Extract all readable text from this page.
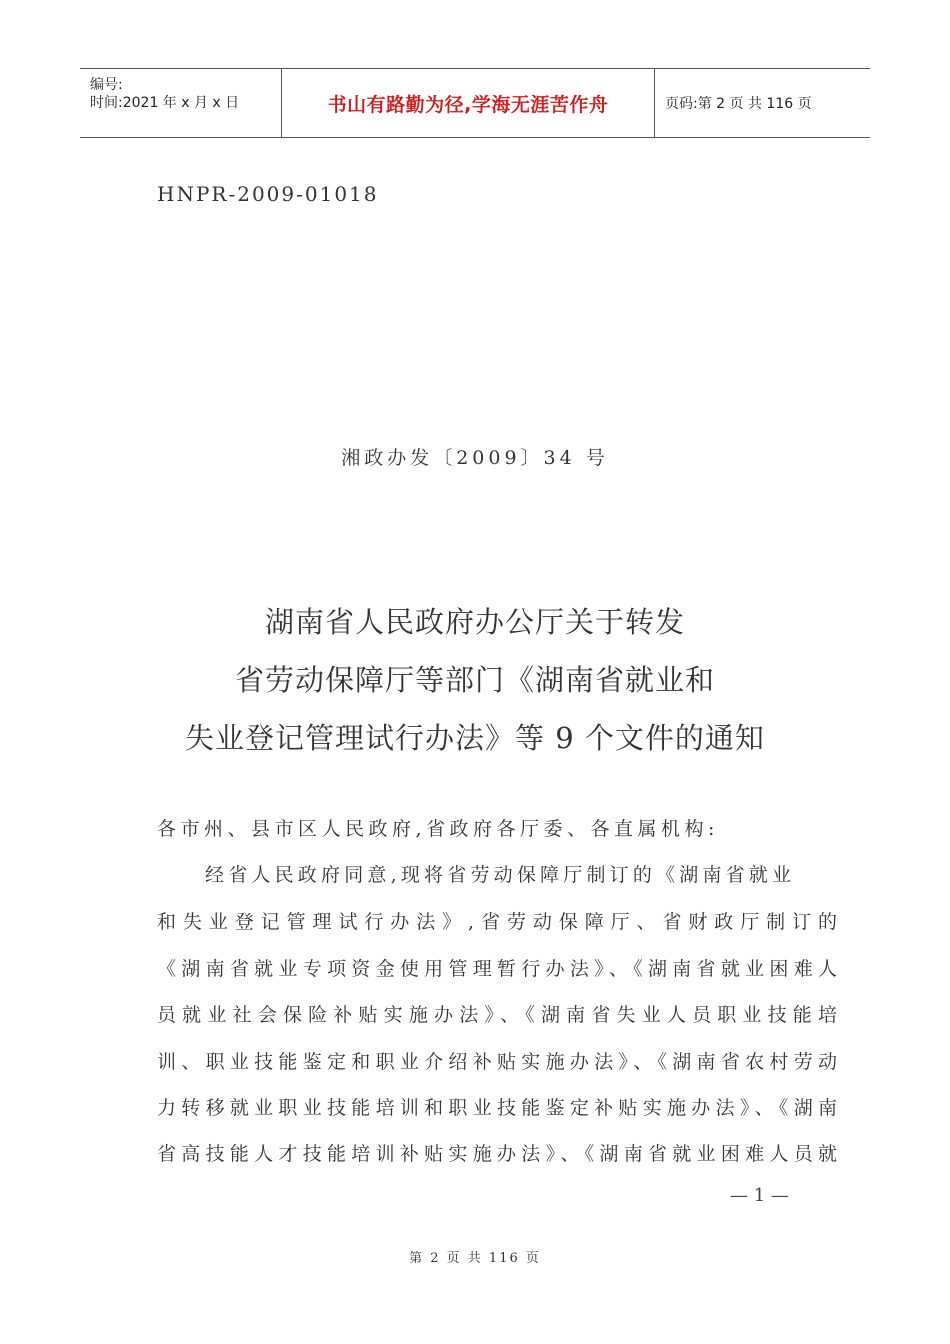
编号:
时间:2021 年 x 月 x 日	书山有路勤为径,学海无涯苦作舟	页码:第 2 页 共 116 页
HNPR-2009-01018
湘政办发〔2009〕34 号
湖南省人民政府办公厅关于转发
省劳动保障厅等部门《湖南省就业和
失业登记管理试行办法》等 9 个文件的通知
各市州、县市区人民政府,省政府各厅委、各直属机构:
经省人民政府同意,现将省劳动保障厅制订的《湖南省就业
和失业登记管理试行办法》,省劳动保障厅、省财政厅制订的
《湖南省就业专项资金使用管理暂行办法》、《湖南省就业困难人
员就业社会保险补贴实施办法》、《湖南省失业人员职业技能培
训、职业技能鉴定和职业介绍补贴实施办法》、《湖南省农村劳动
力转移就业职业技能培训和职业技能鉴定补贴实施办法》、《湖南
省高技能人才技能培训补贴实施办法》、《湖南省就业困难人员就
— 1 —
第 2 页 共 116 页
